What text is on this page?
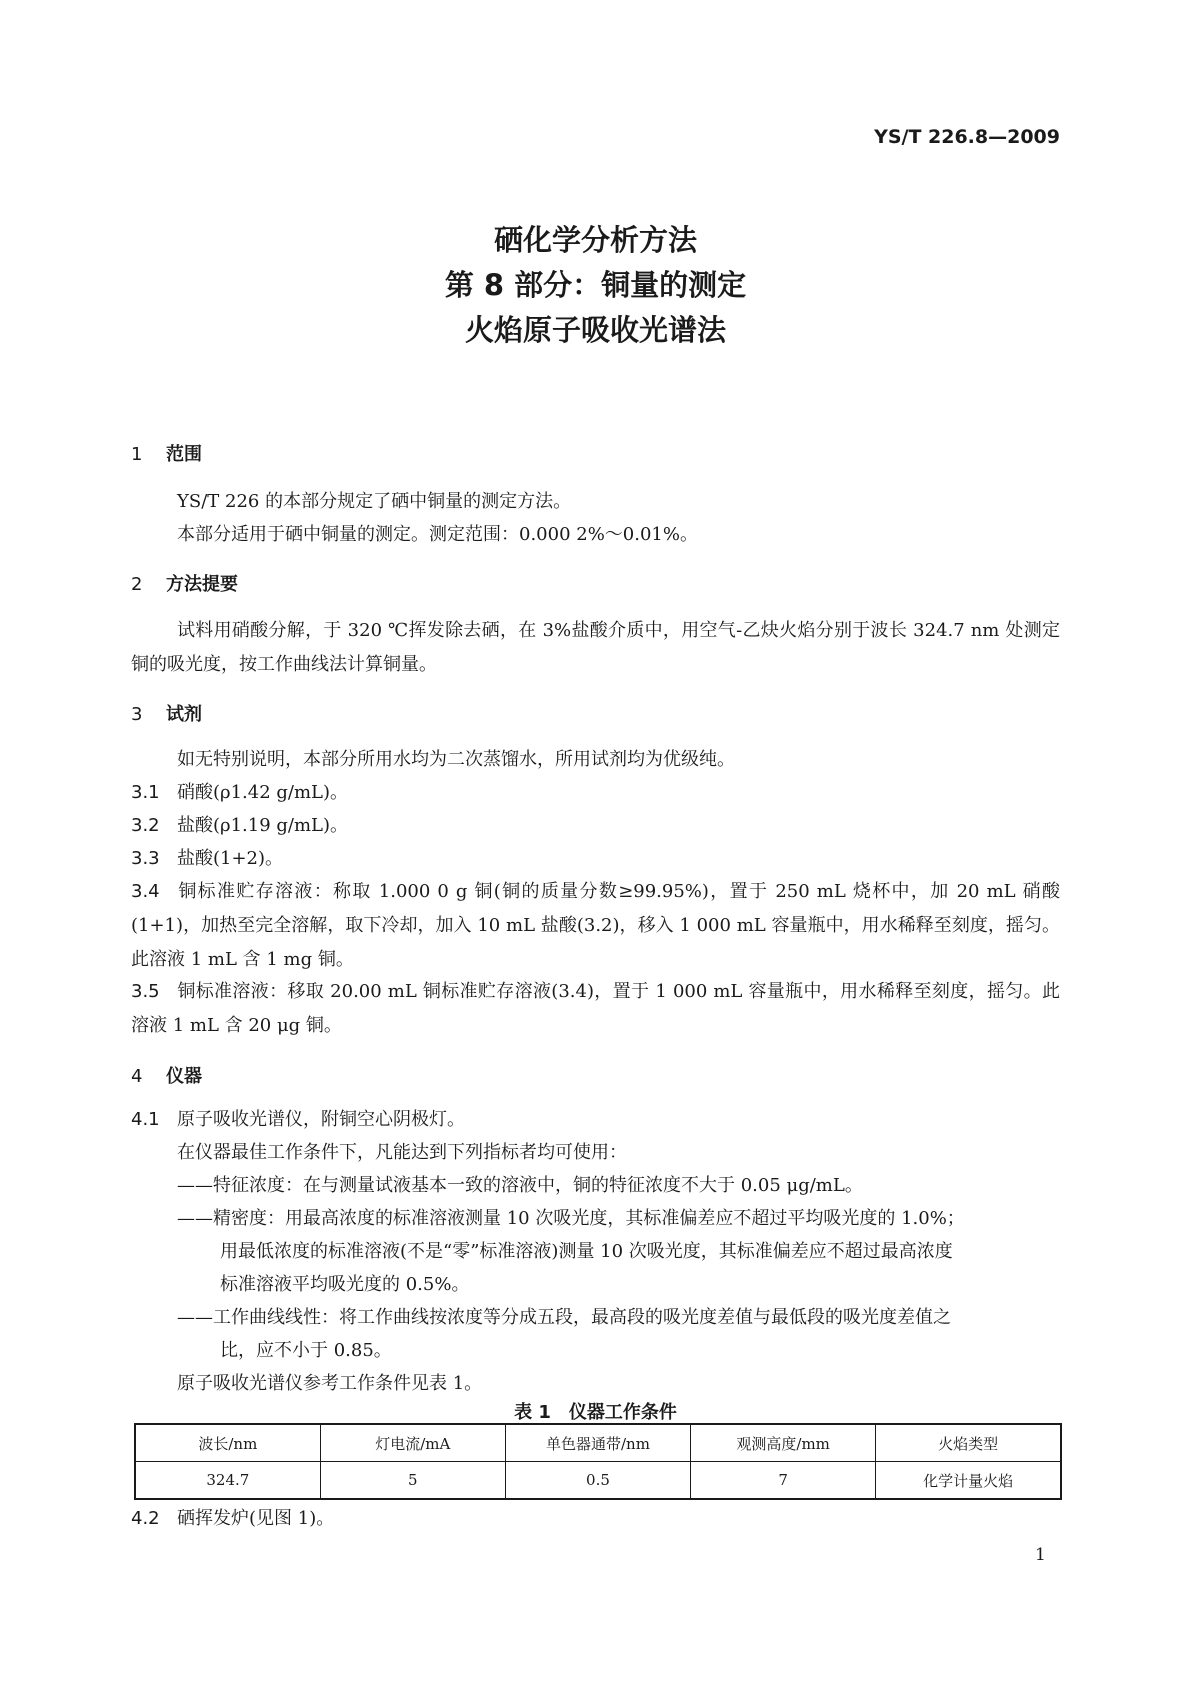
YS/T 226.8—2009
硒化学分析方法
第 8 部分：铜量的测定
火焰原子吸收光谱法
1 范围
YS/T 226 的本部分规定了硒中铜量的测定方法。
本部分适用于硒中铜量的测定。测定范围：0.000 2%～0.01%。
2 方法提要
试料用硝酸分解，于 320 ℃挥发除去硒，在 3%盐酸介质中，用空气-乙炔火焰分别于波长 324.7 nm 处测定铜的吸光度，按工作曲线法计算铜量。
3 试剂
如无特别说明，本部分所用水均为二次蒸馏水，所用试剂均为优级纯。
3.1 硝酸(ρ1.42 g/mL)。
3.2 盐酸(ρ1.19 g/mL)。
3.3 盐酸(1+2)。
3.4 铜标准贮存溶液：称取 1.000 0 g 铜(铜的质量分数≥99.95%)，置于 250 mL 烧杯中，加 20 mL 硝酸(1+1)，加热至完全溶解，取下冷却，加入 10 mL 盐酸(3.2)，移入 1 000 mL 容量瓶中，用水稀释至刻度，摇匀。此溶液 1 mL 含 1 mg 铜。
3.5 铜标准溶液：移取 20.00 mL 铜标准贮存溶液(3.4)，置于 1 000 mL 容量瓶中，用水稀释至刻度，摇匀。此溶液 1 mL 含 20 μg 铜。
4 仪器
4.1 原子吸收光谱仪，附铜空心阴极灯。
在仪器最佳工作条件下，凡能达到下列指标者均可使用：
——特征浓度：在与测量试液基本一致的溶液中，铜的特征浓度不大于 0.05 μg/mL。
——精密度：用最高浓度的标准溶液测量 10 次吸光度，其标准偏差应不超过平均吸光度的 1.0%；
用最低浓度的标准溶液(不是“零”标准溶液)测量 10 次吸光度，其标准偏差应不超过最高浓度
标准溶液平均吸光度的 0.5%。
——工作曲线线性：将工作曲线按浓度等分成五段，最高段的吸光度差值与最低段的吸光度差值之
比，应不小于 0.85。
原子吸收光谱仪参考工作条件见表 1。
表 1　仪器工作条件
波长/nm	灯电流/mA	单色器通带/nm	观测高度/mm	火焰类型
324.7	5	0.5	7	化学计量火焰
4.2 硒挥发炉(见图 1)。
1
